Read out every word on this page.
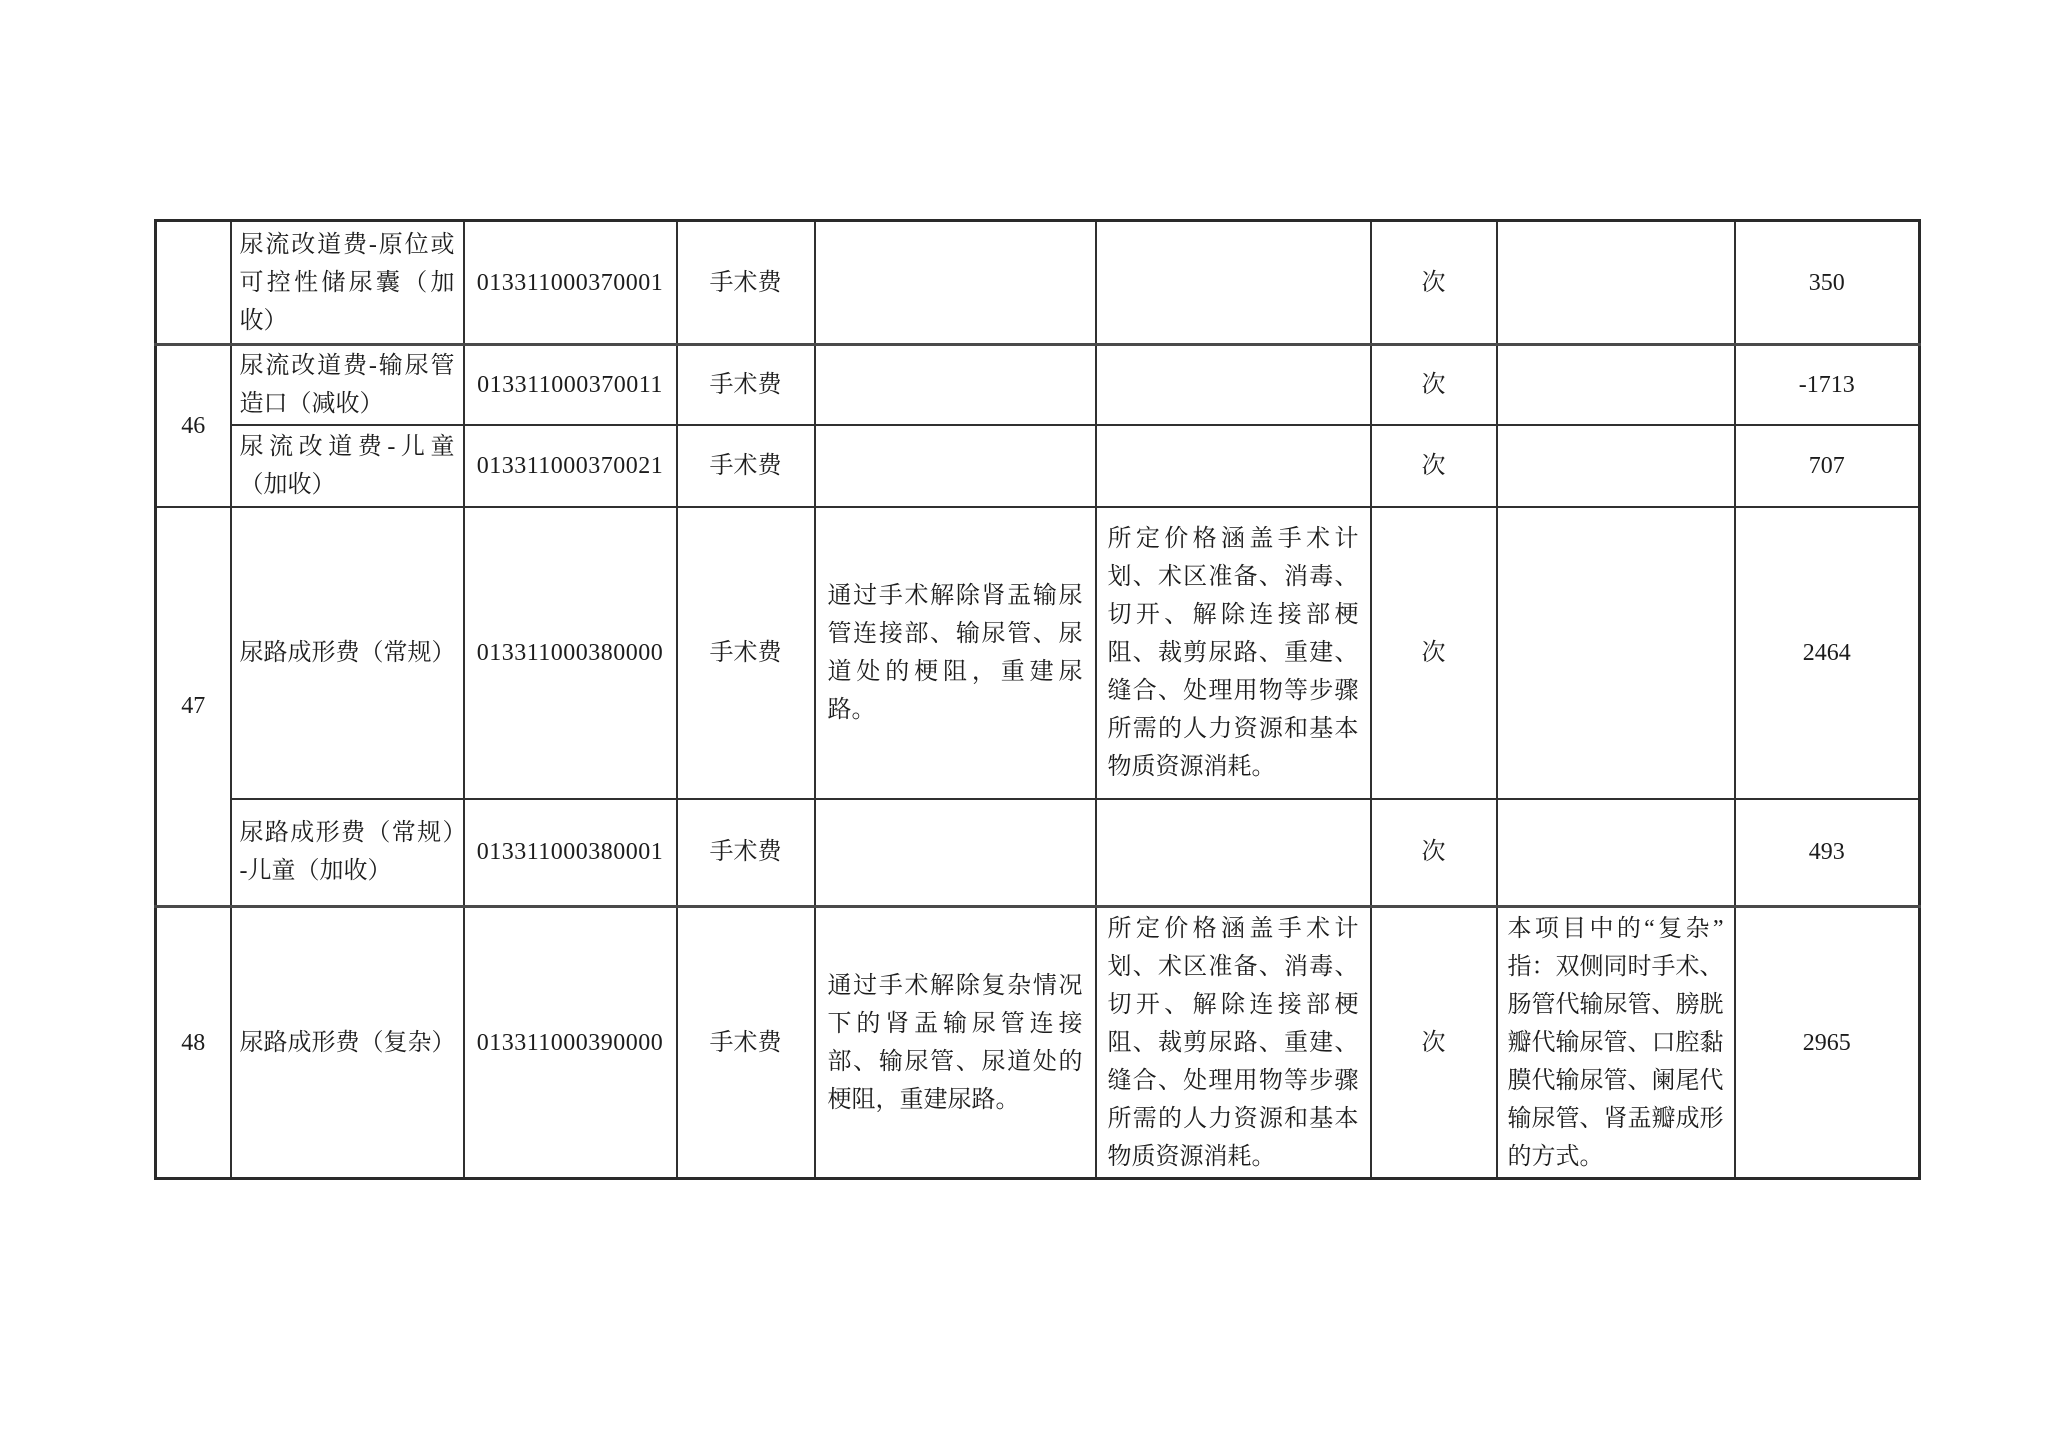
	尿流改道费-原位或可控性储尿囊（加收）	013311000370001	手术费			次		350
46	尿流改道费-输尿管造口（减收）	013311000370011	手术费			次		-1713
	尿流改道费-儿童（加收）	013311000370021	手术费			次		707
47	尿路成形费（常规）	013311000380000	手术费	通过手术解除肾盂输尿管连接部、输尿管、尿道处的梗阻，重建尿路。	所定价格涵盖手术计划、术区准备、消毒、切开、解除连接部梗阻、裁剪尿路、重建、缝合、处理用物等步骤所需的人力资源和基本物质资源消耗。	次		2464
	尿路成形费（常规）-儿童（加收）	013311000380001	手术费			次		493
48	尿路成形费（复杂）	013311000390000	手术费	通过手术解除复杂情况下的肾盂输尿管连接部、输尿管、尿道处的梗阻，重建尿路。	所定价格涵盖手术计划、术区准备、消毒、切开、解除连接部梗阻、裁剪尿路、重建、缝合、处理用物等步骤所需的人力资源和基本物质资源消耗。	次	本项目中的“复杂”指：双侧同时手术、肠管代输尿管、膀胱瓣代输尿管、口腔黏膜代输尿管、阑尾代输尿管、肾盂瓣成形的方式。	2965
